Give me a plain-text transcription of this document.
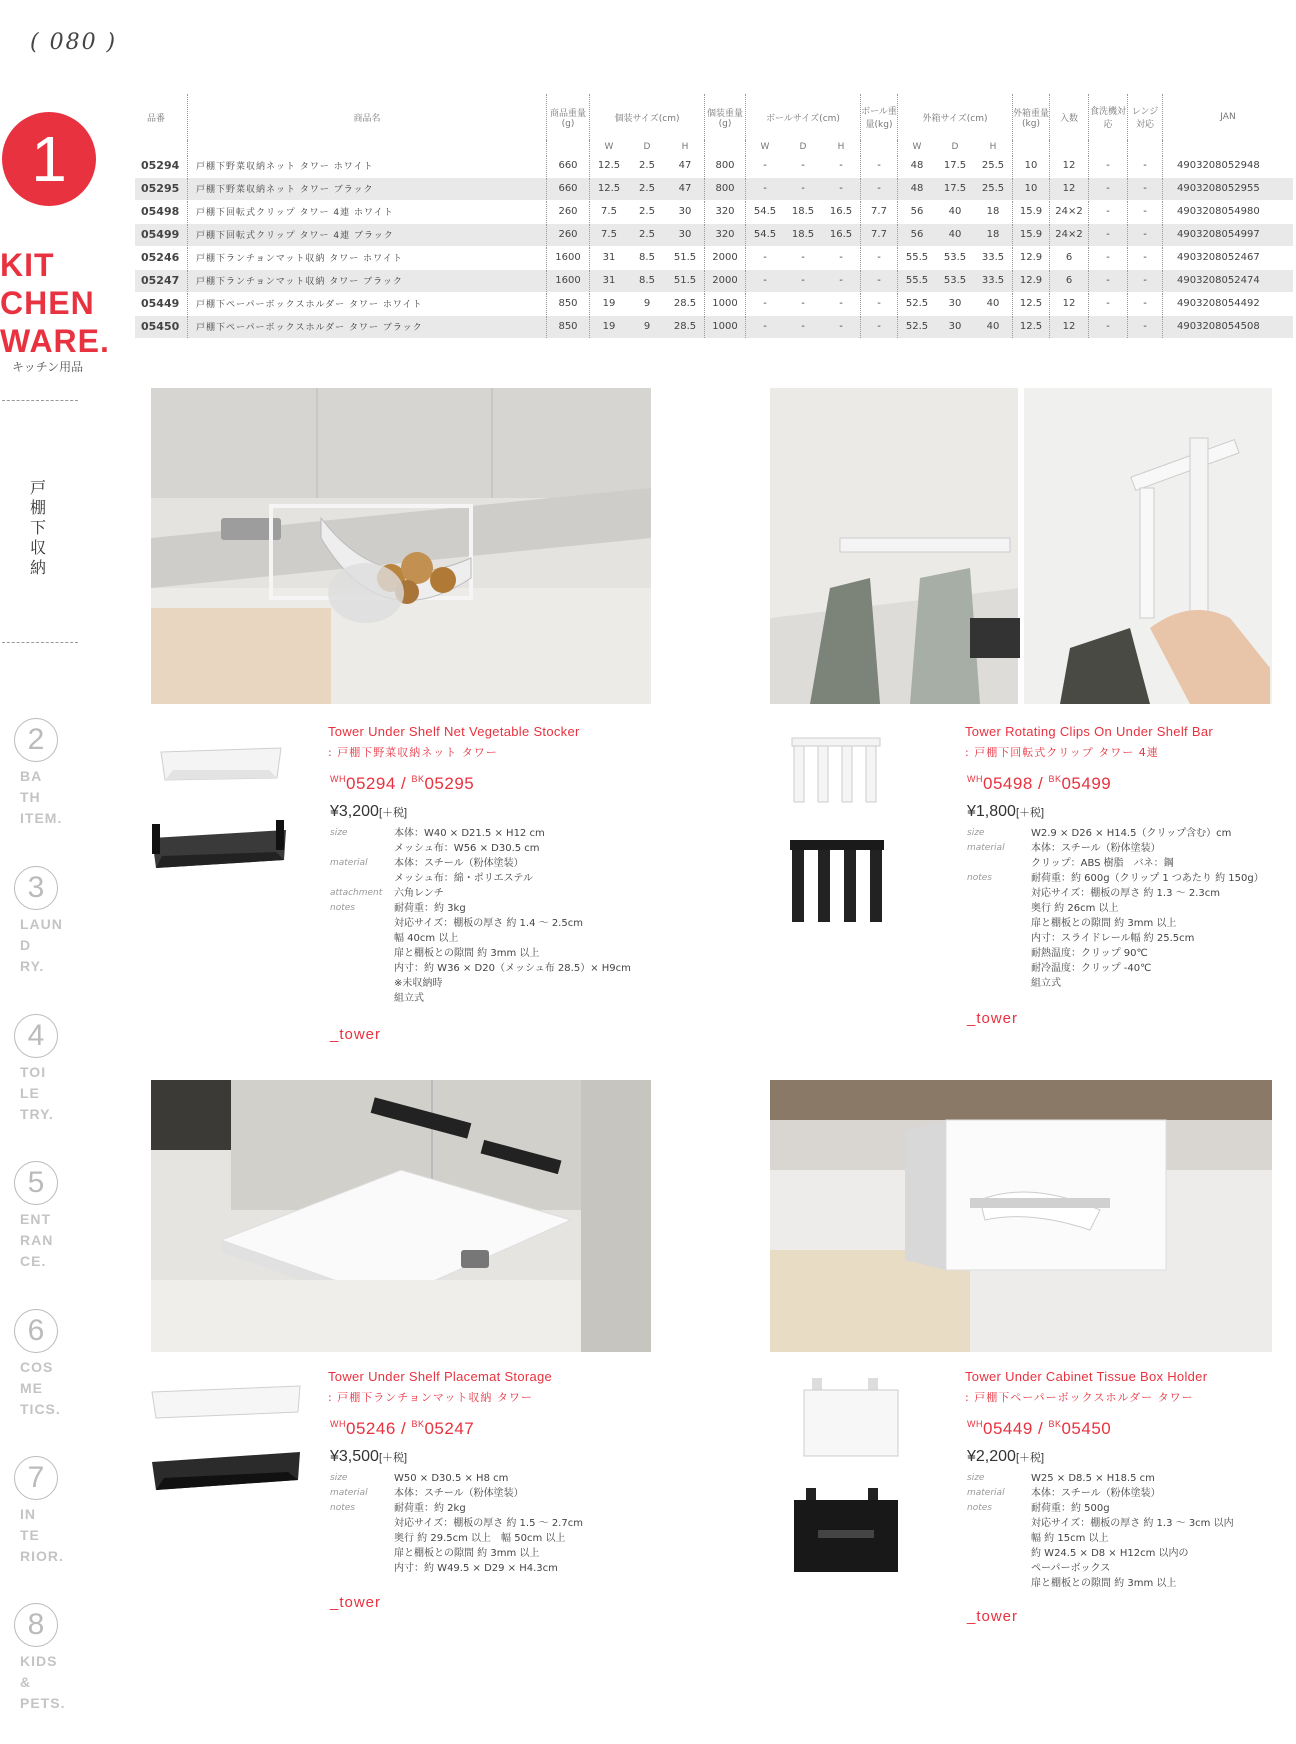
( 080 )
1
KIT
CHEN
WARE.
キッチン用品
戸棚下収納
2
BA
TH
ITEM.
3
LAUN
D
RY.
4
TOI
LE
TRY.
5
ENT
RAN
CE.
6
COS
ME
TICS.
7
IN
TE
RIOR.
8
KIDS
&
PETS.
品番	商品名	商品重量(g)	個装サイズ(cm)			個装重量(g)	ボールサイズ(cm)			ボール重量(kg)	外箱サイズ(cm)			外箱重量(kg)	入数	食洗機対応	レンジ対応	JAN
			W	D	H		W	D	H		W	D	H					
05294	戸棚下野菜収納ネット タワー ホワイト	660	12.5	2.5	47	800	-	-	-	-	48	17.5	25.5	10	12	-	-	4903208052948
05295	戸棚下野菜収納ネット タワー ブラック	660	12.5	2.5	47	800	-	-	-	-	48	17.5	25.5	10	12	-	-	4903208052955
05498	戸棚下回転式クリップ タワー 4連 ホワイト	260	7.5	2.5	30	320	54.5	18.5	16.5	7.7	56	40	18	15.9	24×2	-	-	4903208054980
05499	戸棚下回転式クリップ タワー 4連 ブラック	260	7.5	2.5	30	320	54.5	18.5	16.5	7.7	56	40	18	15.9	24×2	-	-	4903208054997
05246	戸棚下ランチョンマット収納 タワー ホワイト	1600	31	8.5	51.5	2000	-	-	-	-	55.5	53.5	33.5	12.9	6	-	-	4903208052467
05247	戸棚下ランチョンマット収納 タワー ブラック	1600	31	8.5	51.5	2000	-	-	-	-	55.5	53.5	33.5	12.9	6	-	-	4903208052474
05449	戸棚下ペーパーボックスホルダー タワー ホワイト	850	19	9	28.5	1000	-	-	-	-	52.5	30	40	12.5	12	-	-	4903208054492
05450	戸棚下ペーパーボックスホルダー タワー ブラック	850	19	9	28.5	1000	-	-	-	-	52.5	30	40	12.5	12	-	-	4903208054508
Tower Under Shelf Net Vegetable Stocker
: 戸棚下野菜収納ネット タワー
$^{WH}$05294 / $^{BK}$05295
¥3,200[＋税]
size	本体：W40 × D21.5 × H12 cm
メッシュ布：W56 × D30.5 cm
material	本体：スチール（粉体塗装）
メッシュ布：綿・ポリエステル
attachment	六角レンチ
notes	耐荷重：約 3kg
対応サイズ：棚板の厚さ 約 1.4 ～ 2.5cm
幅 40cm 以上
扉と棚板との隙間 約 3mm 以上
内寸：約 W36 × D20（メッシュ布 28.5）× H9cm
※未収納時
組立式
_tower
Tower Rotating Clips On Under Shelf Bar
: 戸棚下回転式クリップ タワー 4連
$^{WH}$05498 / $^{BK}$05499
¥1,800[＋税]
size	W2.9 × D26 × H14.5（クリップ含む）cm
material	本体：スチール（粉体塗装）
クリップ：ABS 樹脂　バネ：鋼
notes	耐荷重：約 600g（クリップ 1 つあたり 約 150g）
対応サイズ：棚板の厚さ 約 1.3 ～ 2.3cm
奥行 約 26cm 以上
扉と棚板との隙間 約 3mm 以上
内寸：スライドレール幅 約 25.5cm
耐熱温度：クリップ 90℃
耐冷温度：クリップ -40℃
組立式
_tower
Tower Under Shelf Placemat Storage
: 戸棚下ランチョンマット収納 タワー
$^{WH}$05246 / $^{BK}$05247
¥3,500[＋税]
size	W50 × D30.5 × H8 cm
material	本体：スチール（粉体塗装）
notes	耐荷重：約 2kg
対応サイズ：棚板の厚さ 約 1.5 ～ 2.7cm
奥行 約 29.5cm 以上　幅 50cm 以上
扉と棚板との隙間 約 3mm 以上
内寸：約 W49.5 × D29 × H4.3cm
_tower
Tower Under Cabinet Tissue Box Holder
: 戸棚下ペーパーボックスホルダー タワー
$^{WH}$05449 / $^{BK}$05450
¥2,200[＋税]
size	W25 × D8.5 × H18.5 cm
material	本体：スチール（粉体塗装）
notes	耐荷重：約 500g
対応サイズ：棚板の厚さ 約 1.3 ～ 3cm 以内
幅 約 15cm 以上
約 W24.5 × D8 × H12cm 以内の
ペーパーボックス
扉と棚板との隙間 約 3mm 以上
_tower
